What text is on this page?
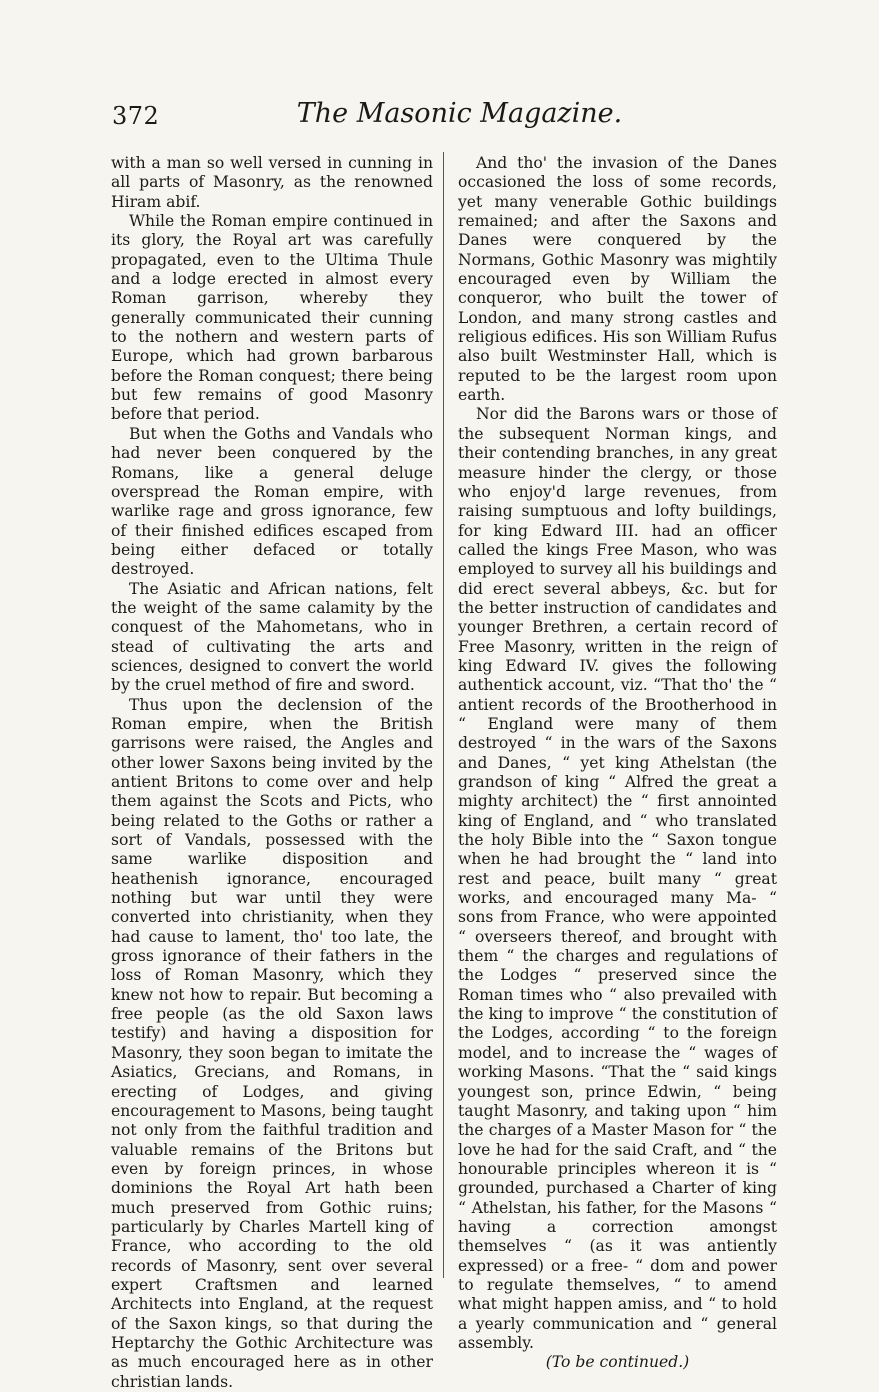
372	The Masonic Magazine.

with a man so well versed in cunning in all parts of Masonry, as the renowned Hiram abif.

While the Roman empire continued in its glory, the Royal art was carefully propagated, even to the Ultima Thule and a lodge erected in almost every Roman garrison, whereby they generally communicated their cunning to the nothern and western parts of Europe, which had grown barbarous before the Roman conquest; there being but few remains of good Masonry before that period.

But when the Goths and Vandals who had never been conquered by the Romans, like a general deluge overspread the Roman empire, with warlike rage and gross ignorance, few of their finished edifices escaped from being either defaced or totally destroyed.

The Asiatic and African nations, felt the weight of the same calamity by the conquest of the Mahometans, who in stead of cultivating the arts and sciences, designed to convert the world by the cruel method of fire and sword.

Thus upon the declension of the Roman empire, when the British garrisons were raised, the Angles and other lower Saxons being invited by the antient Britons to come over and help them against the Scots and Picts, who being related to the Goths or rather a sort of Vandals, possessed with the same warlike disposition and heathenish ignorance, encouraged nothing but war until they were converted into christianity, when they had cause to lament, tho' too late, the gross ignorance of their fathers in the loss of Roman Masonry, which they knew not how to repair. But becoming a free people (as the old Saxon laws testify) and having a disposition for Masonry, they soon began to imitate the Asiatics, Grecians, and Romans, in erecting of Lodges, and giving encouragement to Masons, being taught not only from the faithful tradition and valuable remains of the Britons but even by foreign princes, in whose dominions the Royal Art hath been much preserved from Gothic ruins; particularly by Charles Martell king of France, who according to the old records of Masonry, sent over several expert Craftsmen and learned Architects into England, at the request of the Saxon kings, so that during the Heptarchy the Gothic Architecture was as much encouraged here as in other christian lands.

And tho' the invasion of the Danes occasioned the loss of some records, yet many venerable Gothic buildings remained; and after the Saxons and Danes were conquered by the Normans, Gothic Masonry was mightily encouraged even by William the conqueror, who built the tower of London, and many strong castles and religious edifices. His son William Rufus also built Westminster Hall, which is reputed to be the largest room upon earth.

Nor did the Barons wars or those of the subsequent Norman kings, and their contending branches, in any great measure hinder the clergy, or those who enjoy'd large revenues, from raising sumptuous and lofty buildings, for king Edward III. had an officer called the kings Free Mason, who was employed to survey all his buildings and did erect several abbeys, &c. but for the better instruction of candidates and younger Brethren, a certain record of Free Masonry, written in the reign of king Edward IV. gives the following authentick account, viz. “That tho' the “ antient records of the Brootherhood in “ England were many of them destroyed “ in the wars of the Saxons and Danes, “ yet king Athelstan (the grandson of king “ Alfred the great a mighty architect) the “ first annointed king of England, and “ who translated the holy Bible into the “ Saxon tongue when he had brought the “ land into rest and peace, built many “ great works, and encouraged many Ma- “ sons from France, who were appointed “ overseers thereof, and brought with them “ the charges and regulations of the Lodges “ preserved since the Roman times who “ also prevailed with the king to improve “ the constitution of the Lodges, according “ to the foreign model, and to increase the “ wages of working Masons. “That the “ said kings youngest son, prince Edwin, “ being taught Masonry, and taking upon “ him the charges of a Master Mason for “ the love he had for the said Craft, and “ the honourable principles whereon it is “ grounded, purchased a Charter of king “ Athelstan, his father, for the Masons “ having a correction amongst themselves “ (as it was antiently expressed) or a free- “ dom and power to regulate themselves, “ to amend what might happen amiss, and “ to hold a yearly communication and “ general assembly.

(To be continued.)
